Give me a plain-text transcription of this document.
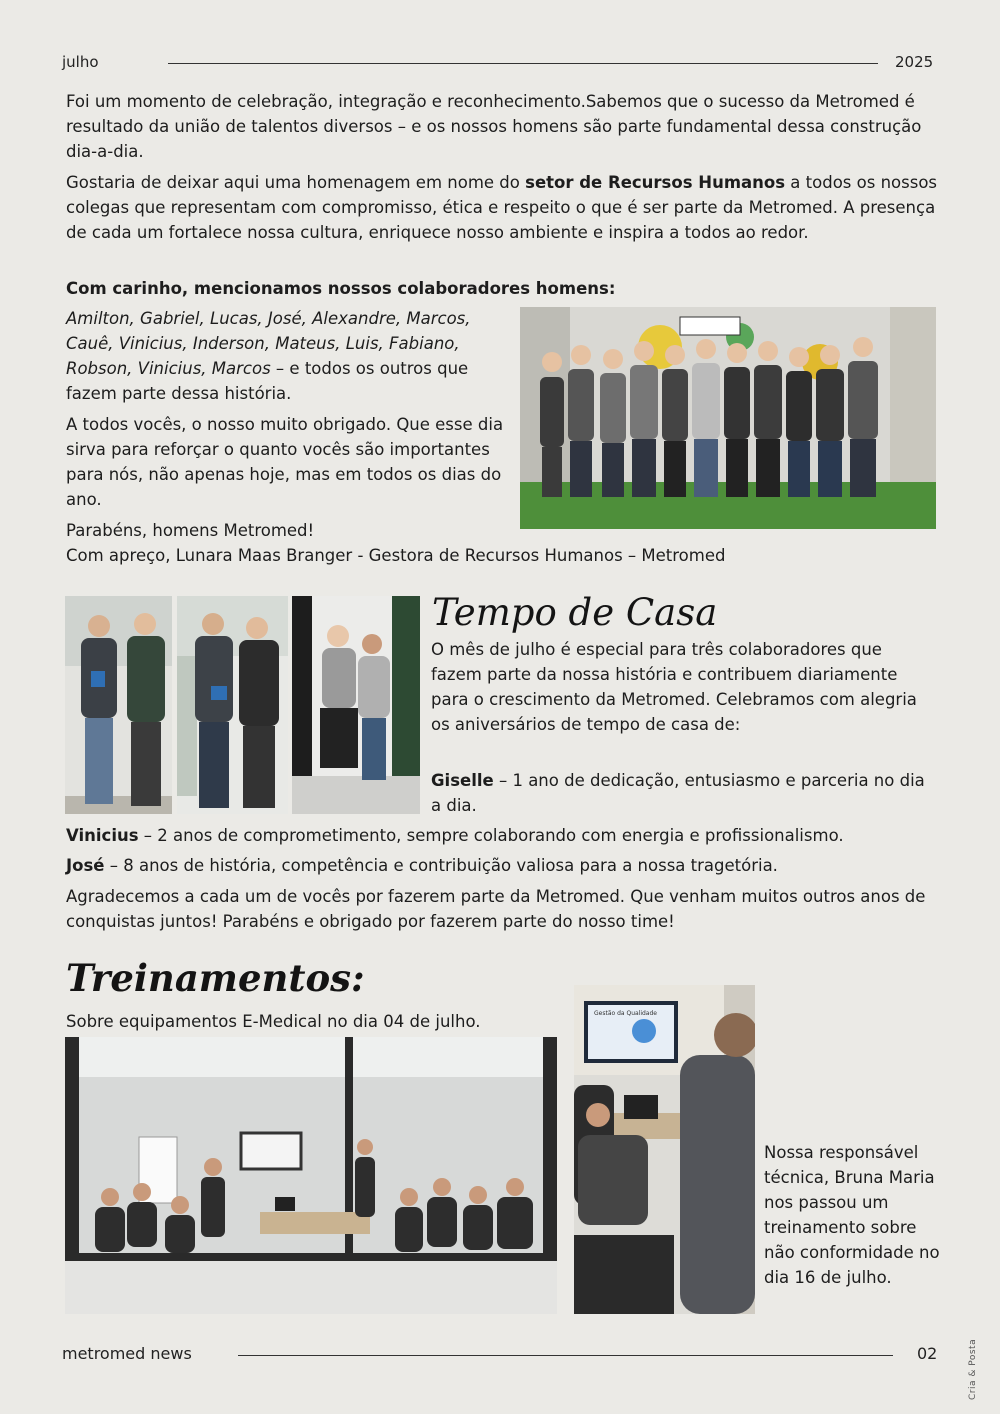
julho	2025
Foi um momento de celebração, integração e reconhecimento.Sabemos que o sucesso da Metromed é resultado da união de talentos diversos – e os nossos homens são parte fundamental dessa construção dia-a-dia.
Gostaria de deixar aqui uma homenagem em nome do setor de Recursos Humanos a todos os nossos colegas que representam com compromisso, ética e respeito o que é ser parte da Metromed. A presença de cada um fortalece nossa cultura, enriquece nosso ambiente e inspira a todos ao redor.
Com carinho, mencionamos nossos colaboradores homens:
Amilton, Gabriel, Lucas, José, Alexandre, Marcos, Cauê, Vinicius, Inderson, Mateus, Luis, Fabiano, Robson, Vinicius, Marcos – e todos os outros que fazem parte dessa história.
A todos vocês, o nosso muito obrigado. Que esse dia sirva para reforçar o quanto vocês são importantes para nós, não apenas hoje, mas em todos os dias do ano.
Parabéns, homens Metromed!
Com apreço, Lunara Maas Branger - Gestora de Recursos Humanos – Metromed
Tempo de Casa
O mês de julho é especial para três colaboradores que fazem parte da nossa história e contribuem diariamente para o crescimento da Metromed. Celebramos com alegria os aniversários de tempo de casa de:
Giselle – 1 ano de dedicação, entusiasmo e parceria no dia a dia.
Vinicius – 2 anos de comprometimento, sempre colaborando com energia e profissionalismo.
José – 8 anos de história, competência e contribuição valiosa para a nossa tragetória.
Agradecemos a cada um de vocês por fazerem parte da Metromed. Que venham muitos outros anos de conquistas juntos! Parabéns e obrigado por fazerem parte do nosso time!
Treinamentos:
Sobre equipamentos E-Medical no dia 04 de julho.	Gestão da Qualidade
Nossa responsável técnica, Bruna Maria nos passou um treinamento sobre não conformidade no dia 16 de julho.
metromed news	02	Cria & Posta
